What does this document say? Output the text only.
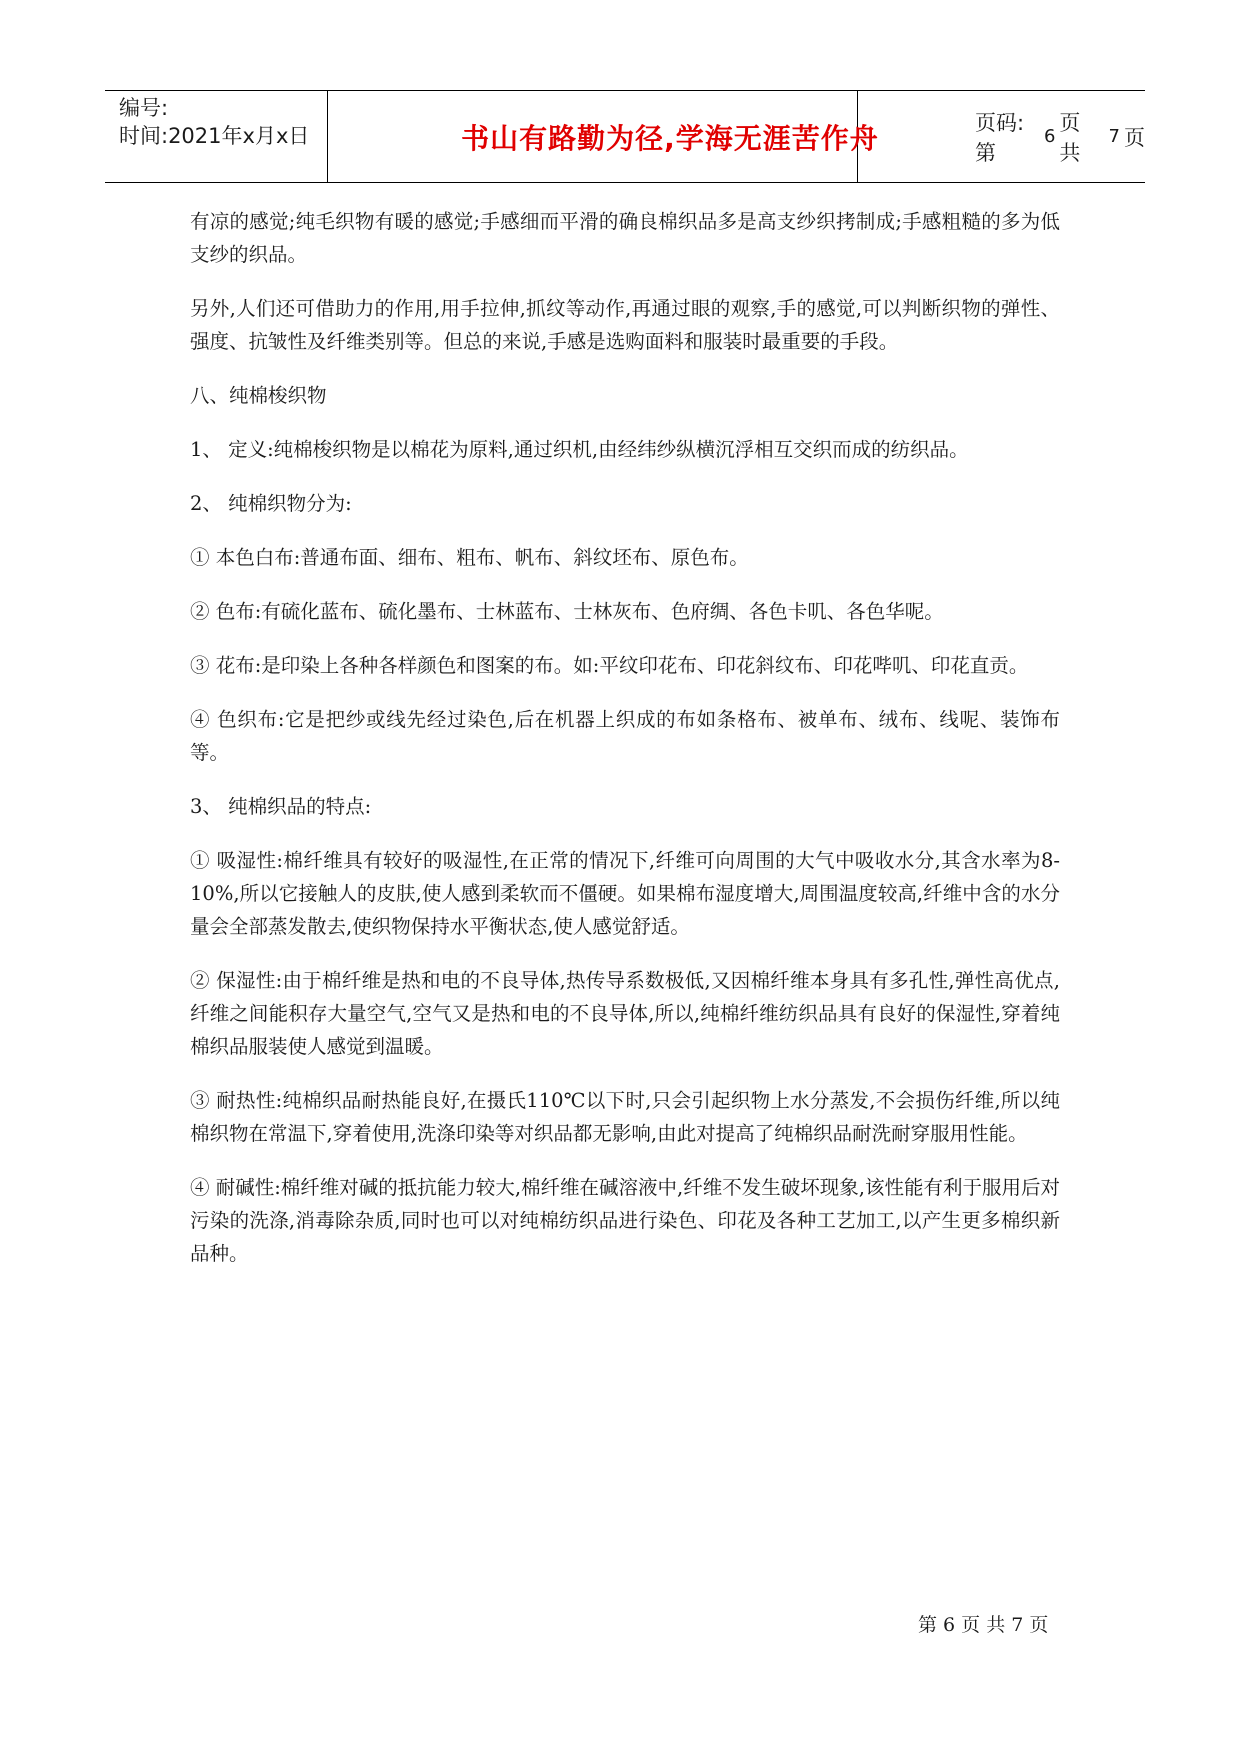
编号:
时间:2021年x月x日	书山有路勤为径,学海无涯苦作舟	页码:第
6
页 共
7 页

有凉的感觉;纯毛织物有暖的感觉;手感细而平滑的确良棉织品多是高支纱织拷制成;手感粗糙的多为低支纱的织品。

另外,人们还可借助力的作用,用手拉伸,抓纹等动作,再通过眼的观察,手的感觉,可以判断织物的弹性、强度、抗皱性及纤维类别等。但总的来说,手感是选购面料和服装时最重要的手段。

八、纯棉梭织物

1、 定义:纯棉梭织物是以棉花为原料,通过织机,由经纬纱纵横沉浮相互交织而成的纺织品。

2、 纯棉织物分为:

① 本色白布:普通布面、细布、粗布、帆布、斜纹坯布、原色布。

② 色布:有硫化蓝布、硫化墨布、士林蓝布、士林灰布、色府绸、各色卡叽、各色华呢。

③ 花布:是印染上各种各样颜色和图案的布。如:平纹印花布、印花斜纹布、印花哔叽、印花直贡。

④ 色织布:它是把纱或线先经过染色,后在机器上织成的布如条格布、被单布、绒布、线呢、装饰布等。

3、 纯棉织品的特点:

① 吸湿性:棉纤维具有较好的吸湿性,在正常的情况下,纤维可向周围的大气中吸收水分,其含水率为8-10%,所以它接触人的皮肤,使人感到柔软而不僵硬。如果棉布湿度增大,周围温度较高,纤维中含的水分量会全部蒸发散去,使织物保持水平衡状态,使人感觉舒适。

② 保湿性:由于棉纤维是热和电的不良导体,热传导系数极低,又因棉纤维本身具有多孔性,弹性高优点,纤维之间能积存大量空气,空气又是热和电的不良导体,所以,纯棉纤维纺织品具有良好的保湿性,穿着纯棉织品服装使人感觉到温暖。

③ 耐热性:纯棉织品耐热能良好,在摄氏110℃以下时,只会引起织物上水分蒸发,不会损伤纤维,所以纯棉织物在常温下,穿着使用,洗涤印染等对织品都无影响,由此对提高了纯棉织品耐洗耐穿服用性能。

④ 耐碱性:棉纤维对碱的抵抗能力较大,棉纤维在碱溶液中,纤维不发生破坏现象,该性能有利于服用后对污染的洗涤,消毒除杂质,同时也可以对纯棉纺织品进行染色、印花及各种工艺加工,以产生更多棉织新品种。

第 6 页 共 7 页
